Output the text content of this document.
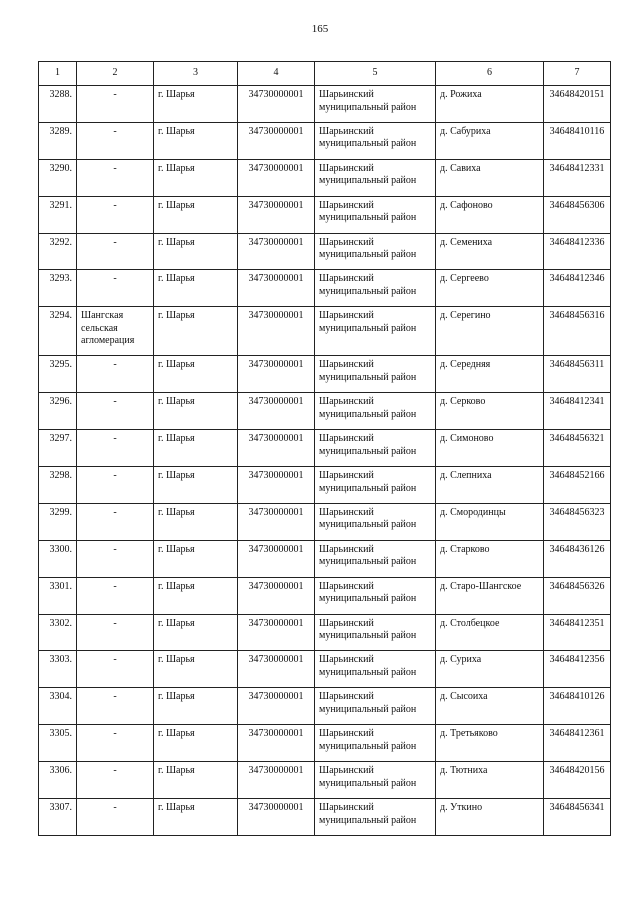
165
1	2	3	4	5	6	7
3288.	-	г. Шарья	34730000001	Шарьинский муниципальный район	д. Рожиха	34648420151
3289.	-	г. Шарья	34730000001	Шарьинский муниципальный район	д. Сабуриха	34648410116
3290.	-	г. Шарья	34730000001	Шарьинский муниципальный район	д. Савиха	34648412331
3291.	-	г. Шарья	34730000001	Шарьинский муниципальный район	д. Сафоново	34648456306
3292.	-	г. Шарья	34730000001	Шарьинский муниципальный район	д. Семениха	34648412336
3293.	-	г. Шарья	34730000001	Шарьинский муниципальный район	д. Сергеево	34648412346
3294.	Шангская сельская агломерация	г. Шарья	34730000001	Шарьинский муниципальный район	д. Серегино	34648456316
3295.	-	г. Шарья	34730000001	Шарьинский муниципальный район	д. Середняя	34648456311
3296.	-	г. Шарья	34730000001	Шарьинский муниципальный район	д. Серково	34648412341
3297.	-	г. Шарья	34730000001	Шарьинский муниципальный район	д. Симоново	34648456321
3298.	-	г. Шарья	34730000001	Шарьинский муниципальный район	д. Слепниха	34648452166
3299.	-	г. Шарья	34730000001	Шарьинский муниципальный район	д. Смородинцы	34648456323
3300.	-	г. Шарья	34730000001	Шарьинский муниципальный район	д. Старково	34648436126
3301.	-	г. Шарья	34730000001	Шарьинский муниципальный район	д. Старо-Шангское	34648456326
3302.	-	г. Шарья	34730000001	Шарьинский муниципальный район	д. Столбецкое	34648412351
3303.	-	г. Шарья	34730000001	Шарьинский муниципальный район	д. Суриха	34648412356
3304.	-	г. Шарья	34730000001	Шарьинский муниципальный район	д. Сысоиха	34648410126
3305.	-	г. Шарья	34730000001	Шарьинский муниципальный район	д. Третьяково	34648412361
3306.	-	г. Шарья	34730000001	Шарьинский муниципальный район	д. Тютниха	34648420156
3307.	-	г. Шарья	34730000001	Шарьинский муниципальный район	д. Уткино	34648456341
